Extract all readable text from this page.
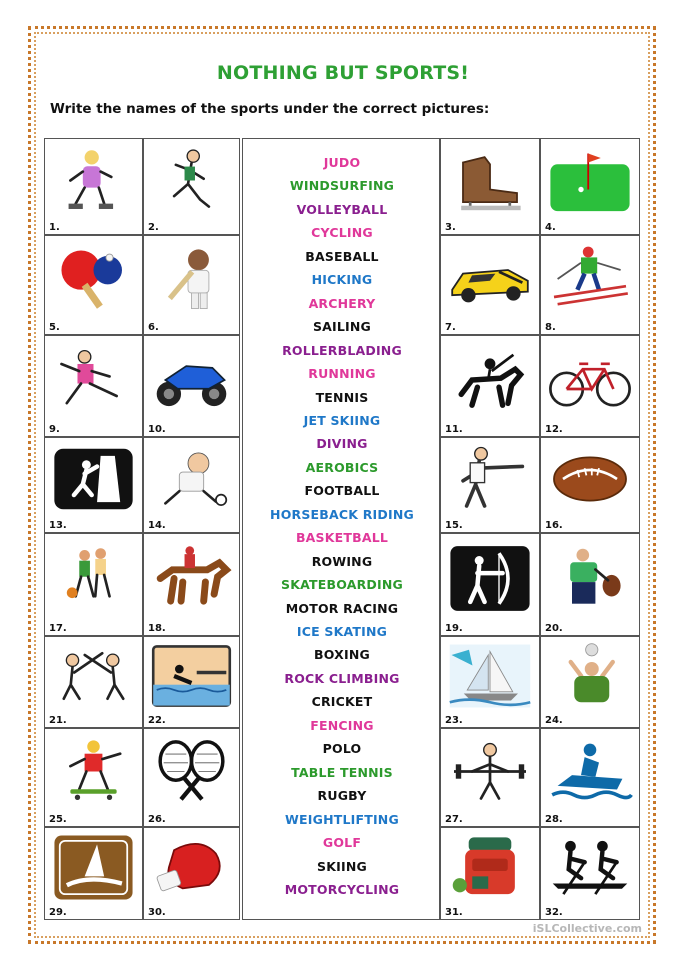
NOTHING BUT SPORTS!
Write the names of the sports under the correct pictures:
1.	2.	3.	4.
5.	6.	7.	8.
9.	10.	11.	12.
13.	14.	15.	16.
17.	18.	19.	20.
21.	22.	23.	24.
25.	26.	27.	28.
29.	30.	31.	32.
JUDO
WINDSURFING
VOLLEYBALL
CYCLING
BASEBALL
HICKING
ARCHERY
SAILING
ROLLERBLADING
RUNNING
TENNIS
JET SKIING
DIVING
AEROBICS
FOOTBALL
HORSEBACK RIDING
BASKETBALL
ROWING
SKATEBOARDING
MOTOR RACING
ICE SKATING
BOXING
ROCK CLIMBING
CRICKET
FENCING
POLO
TABLE TENNIS
RUGBY
WEIGHTLIFTING
GOLF
SKIING
MOTORCYCLING
iSLCollective.com
